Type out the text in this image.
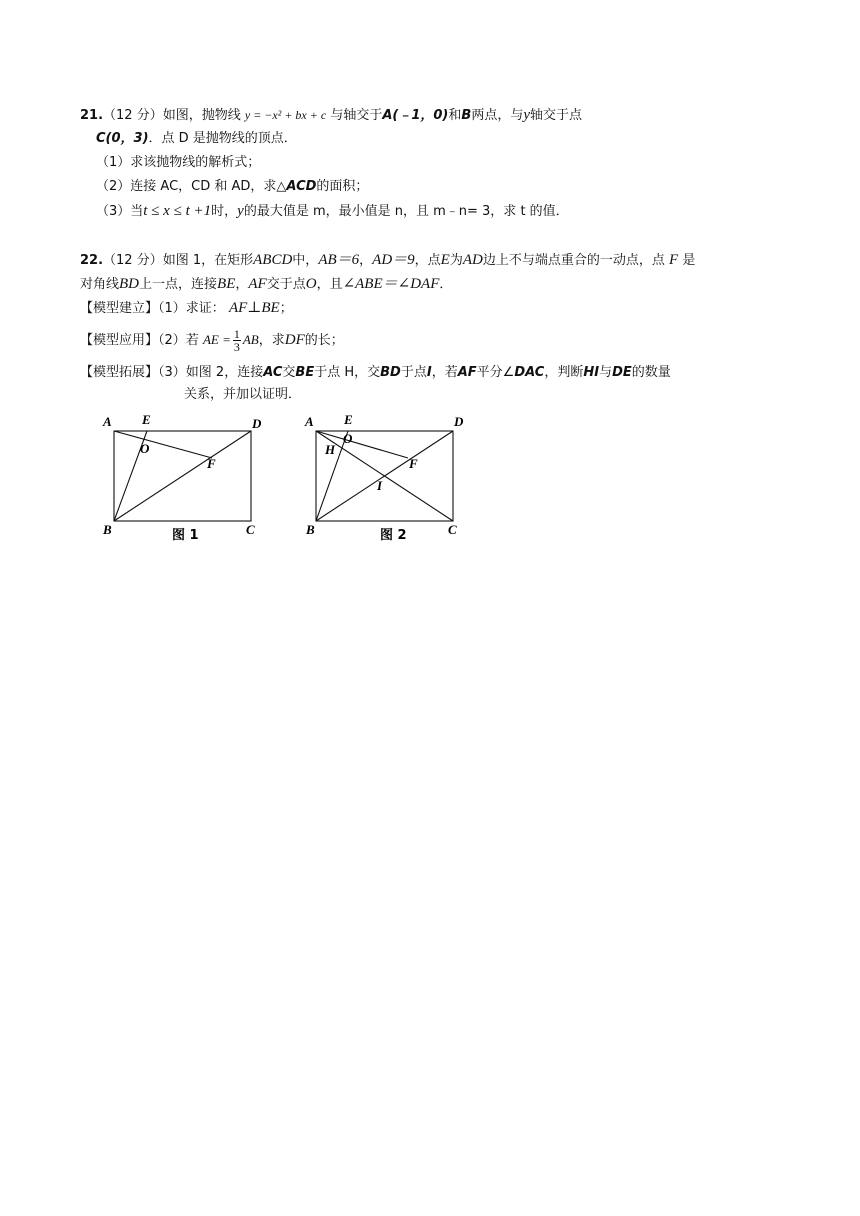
21.（12 分）如图，抛物线 y = −x² + bx + c 与轴交于A(﹣1，0)和B两点，与y轴交于点
C(0，3)．点 D 是抛物线的顶点．
（1）求该抛物线的解析式；
（2）连接 AC，CD 和 AD，求△ACD的面积；
（3）当t ≤ x ≤ t +1时，y的最大值是 m，最小值是 n，且 m﹣n= 3，求 t 的值．
22.（12 分）如图 1，在矩形ABCD中，AB＝6，AD＝9，点E为AD边上不与端点重合的一动点，点 F 是
对角线BD上一点，连接BE，AF交于点O，且∠ABE＝∠DAF．
【模型建立】（1）求证： AF⊥BE；
【模型应用】（2）若 AE = $\frac{1}{3}$ AB，求DF的长；
【模型拓展】（3）如图 2，连接AC交BE于点 H，交BD于点I，若AF平分∠DAC，判断HI与DE的数量
关系，并加以证明．
A E	D
O
F
B	C
图 1
A E	D
O
H
F
I
B	C
图 2
